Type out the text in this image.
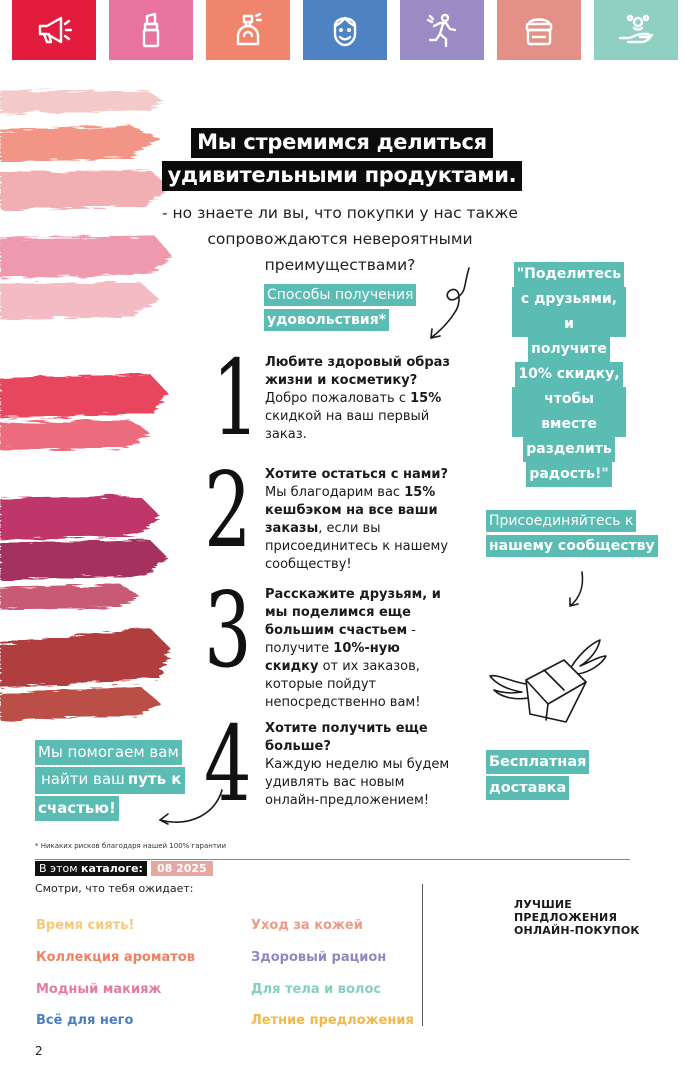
Мы стремимся делиться
удивительными продуктами.
- но знаете ли вы, что покупки у нас также сопровождаются невероятными преимуществами?
Способы получения
удовольствия*
"Поделитесь
с друзьями, и
получите
10% скидку,
чтобы вместе
разделить
радость!"
1 Любите здоровый образ жизни и косметику? Добро пожаловать с 15% скидкой на ваш первый заказ.
2 Хотите остаться с нами? Мы благодарим вас 15% кешбэком на все ваши заказы, если вы присоединитесь к нашему сообществу!
3 Расскажите друзьям, и мы поделимся еще большим счастьем - получите 10%-ную скидку от их заказов, которые пойдут непосредственно вам!
4 Хотите получить еще больше?
Каждую неделю мы будем удивлять вас новым онлайн-предложением!
Присоединяйтесь к
нашему сообществу
Бесплатная
доставка
Мы помогаем вам
найти вашпуть к
счастью!
* Никаких рисков благодаря нашей 100% гарантии
В этом каталоге:	08 2025
Смотри, что тебя ожидает:
Время сиять!
Коллекция ароматов
Модный макияж
Всё для него
Уход за кожей
Здоровый рацион
Для тела и волос
Летние предложения
ЛУЧШИЕ
ПРЕДЛОЖЕНИЯ
ОНЛАЙН-ПОКУПОК
2
